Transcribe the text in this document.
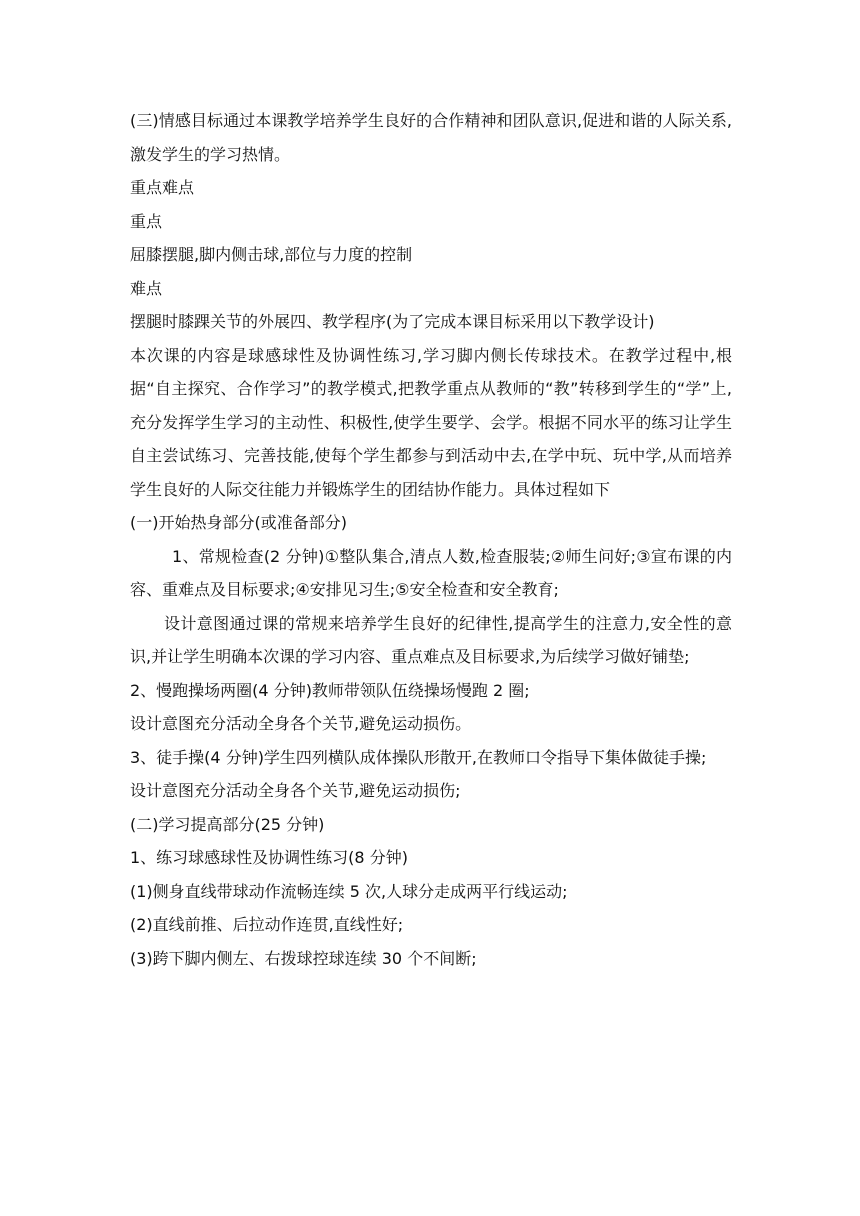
(三)情感目标通过本课教学培养学生良好的合作精神和团队意识,促进和谐的人际关系,激发学生的学习热情。

重点难点

重点

屈膝摆腿,脚内侧击球,部位与力度的控制

难点

摆腿时膝踝关节的外展四、教学程序(为了完成本课目标采用以下教学设计)

本次课的内容是球感球性及协调性练习,学习脚内侧长传球技术。在教学过程中,根据“自主探究、合作学习”的教学模式,把教学重点从教师的“教”转移到学生的“学”上,充分发挥学生学习的主动性、积极性,使学生要学、会学。根据不同水平的练习让学生自主尝试练习、完善技能,使每个学生都参与到活动中去,在学中玩、玩中学,从而培养学生良好的人际交往能力并锻炼学生的团结协作能力。具体过程如下

(一)开始热身部分(或准备部分)

1、常规检查(2 分钟)①整队集合,清点人数,检查服装;②师生问好;③宣布课的内容、重难点及目标要求;④安排见习生;⑤安全检查和安全教育;

设计意图通过课的常规来培养学生良好的纪律性,提高学生的注意力,安全性的意识,并让学生明确本次课的学习内容、重点难点及目标要求,为后续学习做好铺垫;

2、慢跑操场两圈(4 分钟)教师带领队伍绕操场慢跑 2 圈;

设计意图充分活动全身各个关节,避免运动损伤。

3、徒手操(4 分钟)学生四列横队成体操队形散开,在教师口令指导下集体做徒手操;

设计意图充分活动全身各个关节,避免运动损伤;

(二)学习提高部分(25 分钟)

1、练习球感球性及协调性练习(8 分钟)

(1)侧身直线带球动作流畅连续 5 次,人球分走成两平行线运动;

(2)直线前推、后拉动作连贯,直线性好;

(3)跨下脚内侧左、右拨球控球连续 30 个不间断;
